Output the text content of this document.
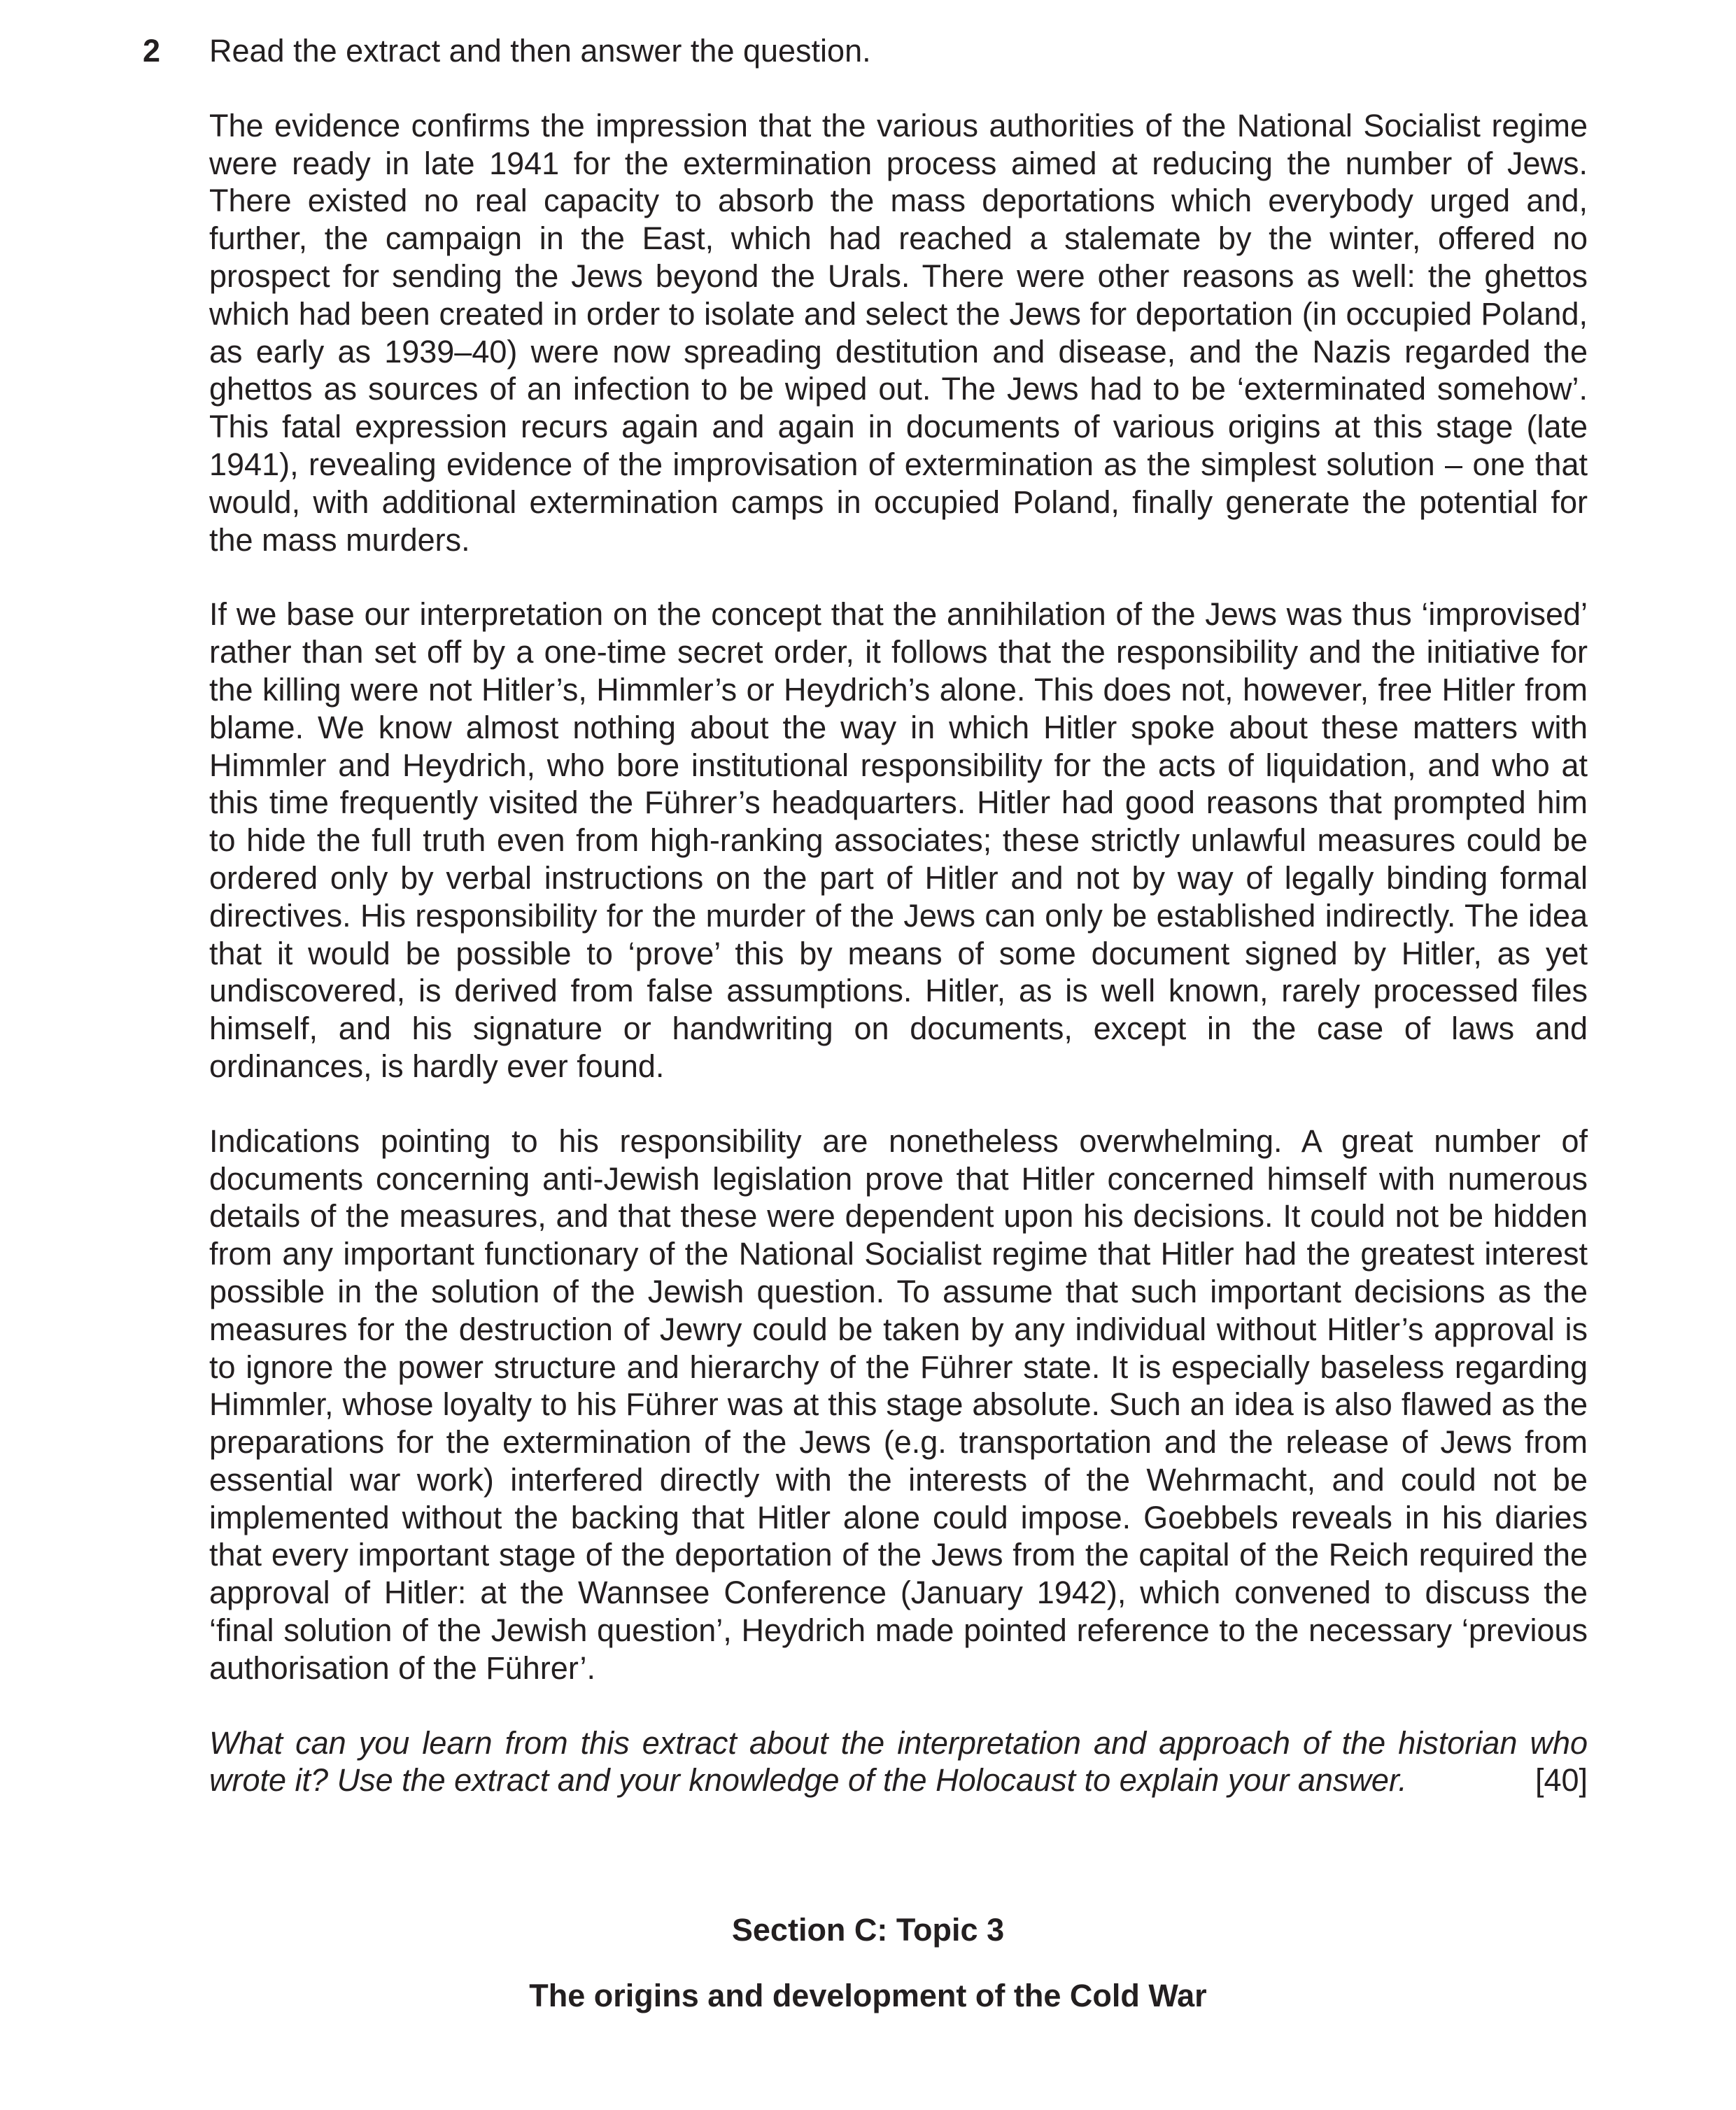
2 Read the extract and then answer the question.

The evidence confirms the impression that the various authorities of the National Socialist regime were ready in late 1941 for the extermination process aimed at reducing the number of Jews. There existed no real capacity to absorb the mass deportations which everybody urged and, further, the campaign in the East, which had reached a stalemate by the winter, offered no prospect for sending the Jews beyond the Urals. There were other reasons as well: the ghettos which had been created in order to isolate and select the Jews for deportation (in occupied Poland, as early as 1939–40) were now spreading destitution and disease, and the Nazis regarded the ghettos as sources of an infection to be wiped out. The Jews had to be ‘exterminated somehow’. This fatal expression recurs again and again in documents of various origins at this stage (late 1941), revealing evidence of the improvisation of extermination as the simplest solution – one that would, with additional extermination camps in occupied Poland, finally generate the potential for the mass murders.

If we base our interpretation on the concept that the annihilation of the Jews was thus ‘improvised’ rather than set off by a one-time secret order, it follows that the responsibility and the initiative for the killing were not Hitler’s, Himmler’s or Heydrich’s alone. This does not, however, free Hitler from blame. We know almost nothing about the way in which Hitler spoke about these matters with Himmler and Heydrich, who bore institutional responsibility for the acts of liquidation, and who at this time frequently visited the Führer’s headquarters. Hitler had good reasons that prompted him to hide the full truth even from high-ranking associates; these strictly unlawful measures could be ordered only by verbal instructions on the part of Hitler and not by way of legally binding formal directives. His responsibility for the murder of the Jews can only be established indirectly. The idea that it would be possible to ‘prove’ this by means of some document signed by Hitler, as yet undiscovered, is derived from false assumptions. Hitler, as is well known, rarely processed files himself, and his signature or handwriting on documents, except in the case of laws and ordinances, is hardly ever found.

Indications pointing to his responsibility are nonetheless overwhelming. A great number of documents concerning anti-Jewish legislation prove that Hitler concerned himself with numerous details of the measures, and that these were dependent upon his decisions. It could not be hidden from any important functionary of the National Socialist regime that Hitler had the greatest interest possible in the solution of the Jewish question. To assume that such important decisions as the measures for the destruction of Jewry could be taken by any individual without Hitler’s approval is to ignore the power structure and hierarchy of the Führer state. It is especially baseless regarding Himmler, whose loyalty to his Führer was at this stage absolute. Such an idea is also flawed as the preparations for the extermination of the Jews (e.g. transportation and the release of Jews from essential war work) interfered directly with the interests of the Wehrmacht, and could not be implemented without the backing that Hitler alone could impose. Goebbels reveals in his diaries that every important stage of the deportation of the Jews from the capital of the Reich required the approval of Hitler: at the Wannsee Conference (January 1942), which convened to discuss the ‘final solution of the Jewish question’, Heydrich made pointed reference to the necessary ‘previous authorisation of the Führer’.

What can you learn from this extract about the interpretation and approach of the historian who wrote it? Use the extract and your knowledge of the Holocaust to explain your answer.	[40]

Section C: Topic 3
The origins and development of the Cold War
